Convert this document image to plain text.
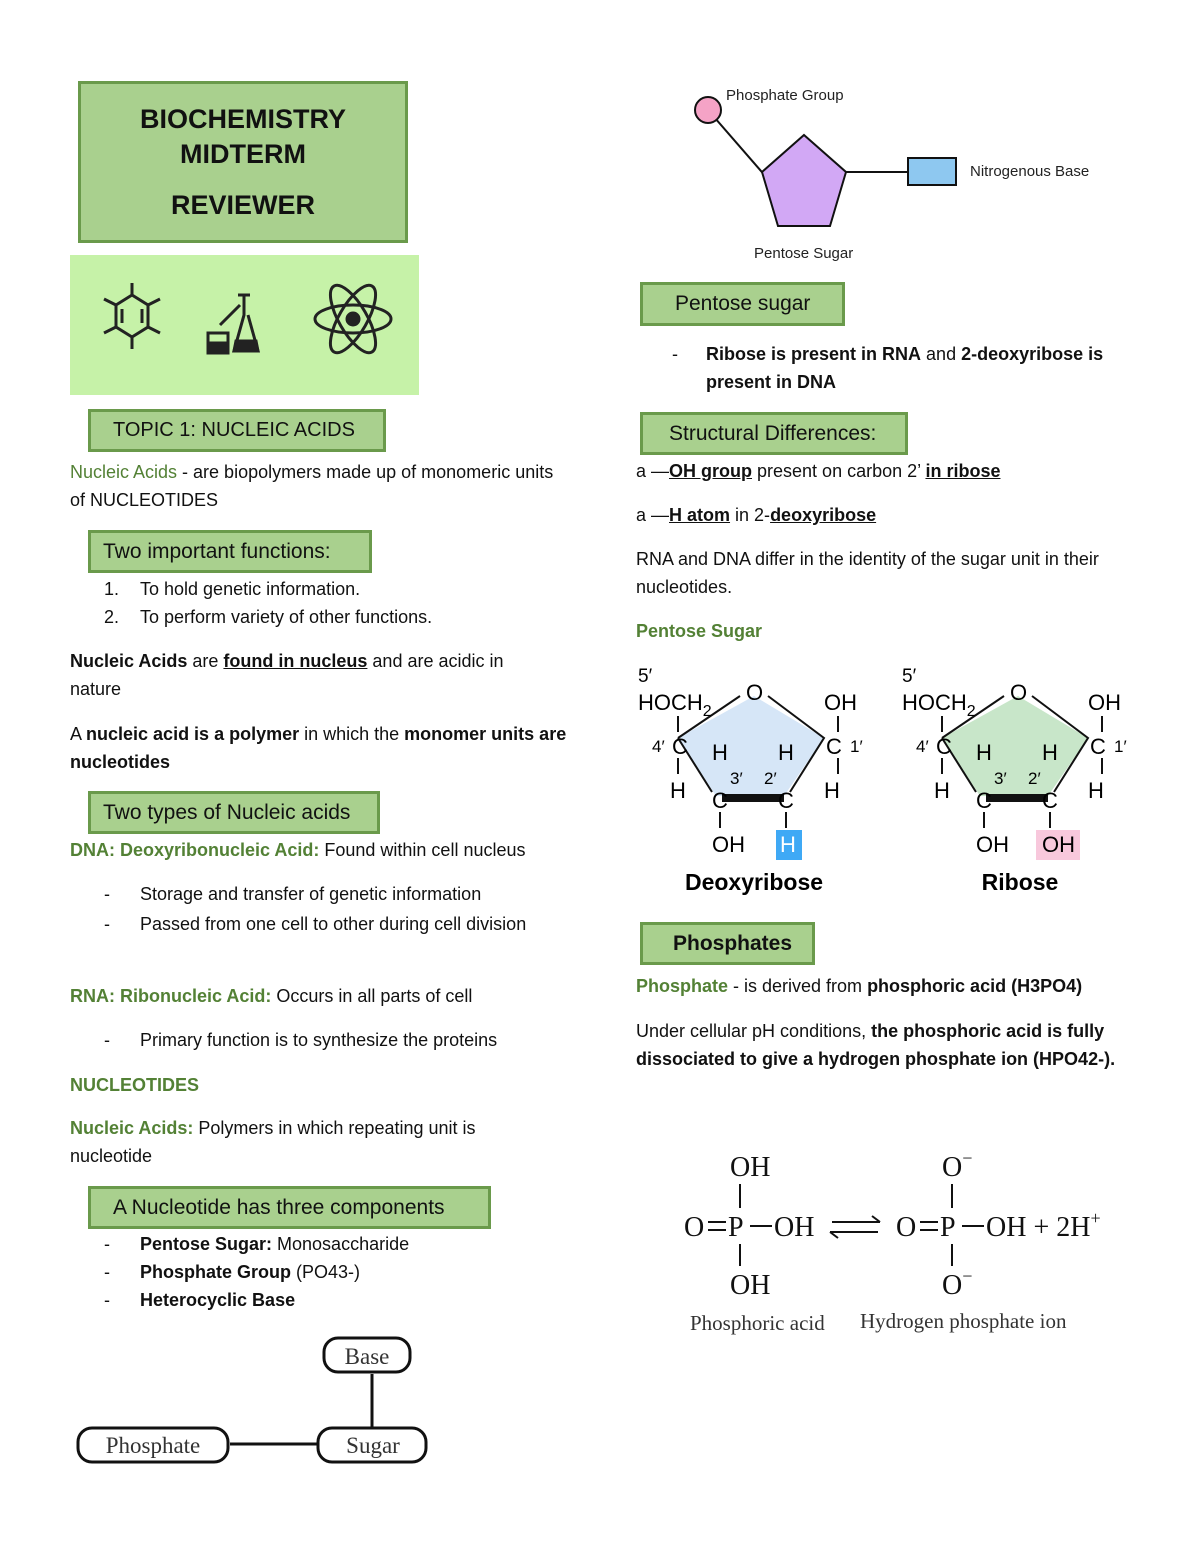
BIOCHEMISTRY
MIDTERM
REVIEWER
TOPIC 1: NUCLEIC ACIDS
Nucleic Acids - are biopolymers made up of monomeric units of NUCLEOTIDES
Two important functions:
1. To hold genetic information.
2. To perform variety of other functions.
Nucleic Acids are found in nucleus and are acidic in nature
A nucleic acid is a polymer in which the monomer units are nucleotides
Two types of Nucleic acids
DNA: Deoxyribonucleic Acid: Found within cell nucleus
- Storage and transfer of genetic information
- Passed from one cell to other during cell division
RNA: Ribonucleic Acid: Occurs in all parts of cell
- Primary function is to synthesize the proteins
NUCLEOTIDES
Nucleic Acids: Polymers in which repeating unit is nucleotide
A Nucleotide has three components
- Pentose Sugar: Monosaccharide
- Phosphate Group (PO43-)
- Heterocyclic Base
Base
Phosphate	Sugar
Phosphate Group
Nitrogenous Base
Pentose Sugar
Pentose sugar
- Ribose is present in RNA and 2-deoxyribose is present in DNA
Structural Differences:
a —OH group present on carbon 2’ in ribose
a —H atom in 2-deoxyribose
RNA and DNA differ in the identity of the sugar unit in their nucleotides.
Pentose Sugar
5′
$HOCH_2$
O	OH
4′ C	C 1′
H H
3′ 2′
H	H
C C
OH H
Deoxyribose
5′
$HOCH_2$
O	OH
4′ C	C 1′
H H
3′ 2′
H	H
C C
OH OH
Ribose
Phosphates
Phosphate - is derived from phosphoric acid (H3PO4)
Under cellular pH conditions, the phosphoric acid is fully dissociated to give a hydrogen phosphate ion (HPO42-).
OH
O P OH
OH
O−
O P OH + 2H+
O−
Phosphoric acid Hydrogen phosphate ion
